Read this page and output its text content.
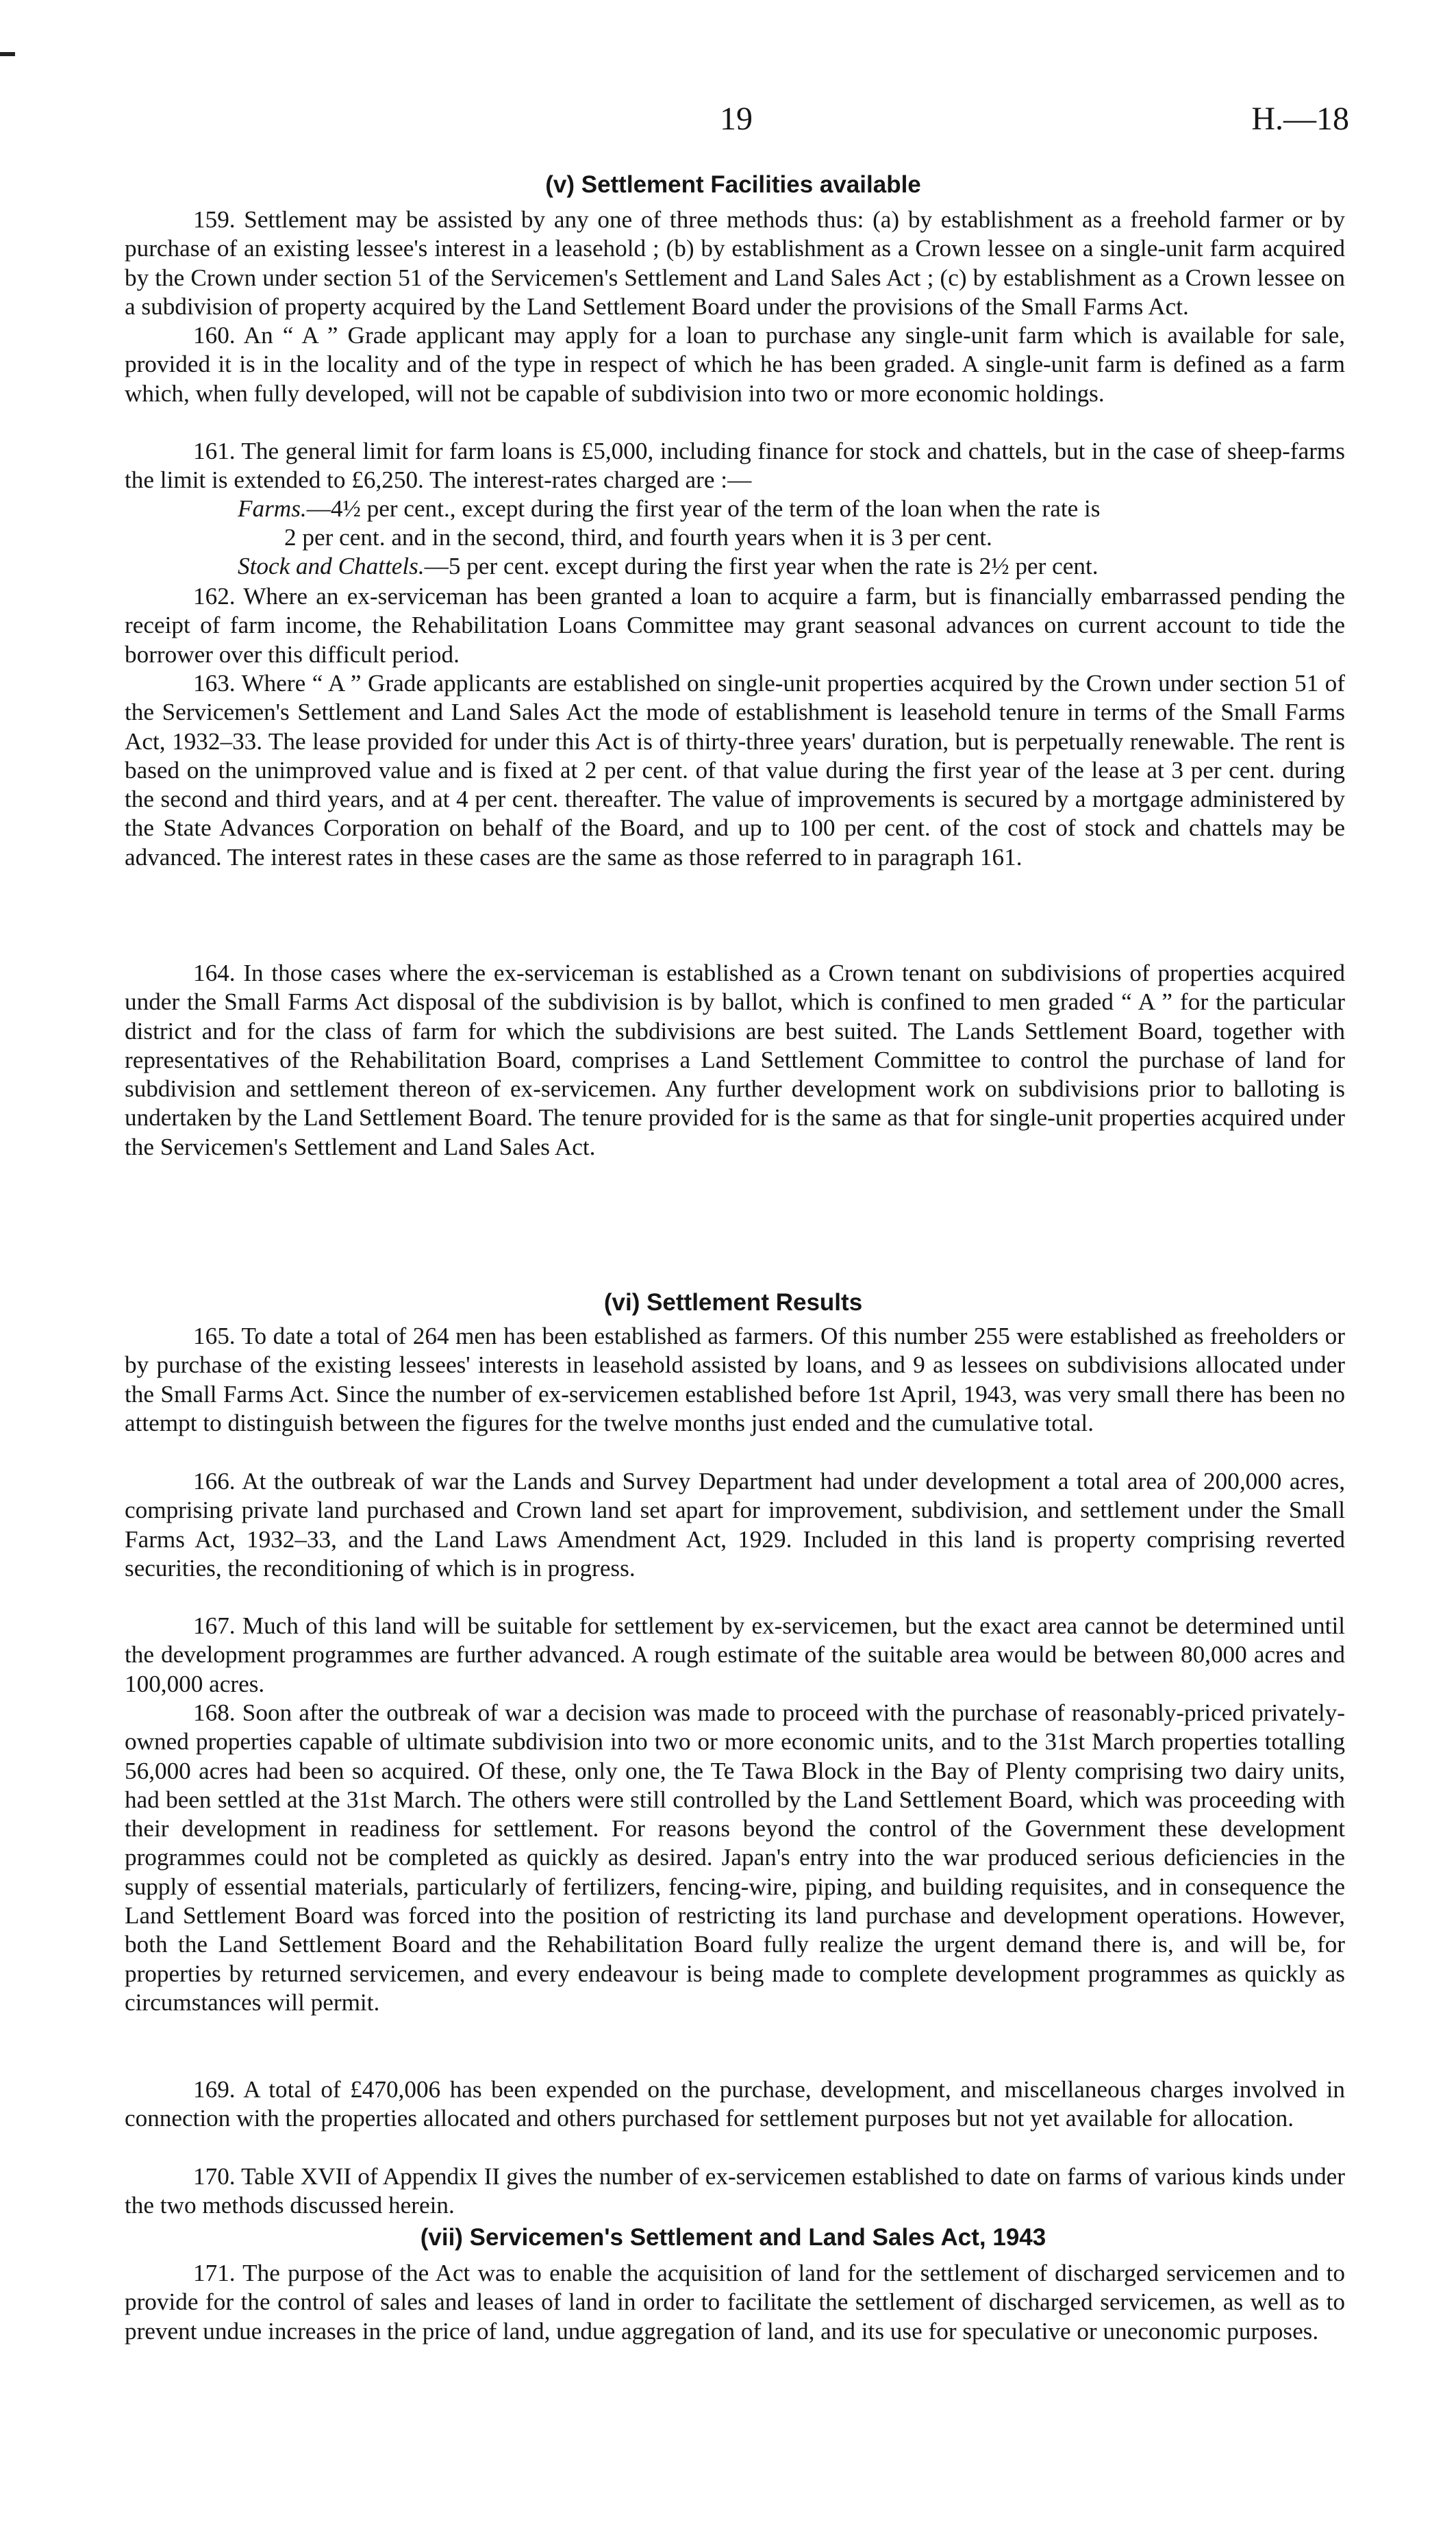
19	H.—18
(v) Settlement Facilities available

159. Settlement may be assisted by any one of three methods thus: (a) by establishment as a freehold farmer or by purchase of an existing lessee's interest in a leasehold ; (b) by establishment as a Crown lessee on a single-unit farm acquired by the Crown under section 51 of the Servicemen's Settlement and Land Sales Act ; (c) by establishment as a Crown lessee on a subdivision of property acquired by the Land Settlement Board under the provisions of the Small Farms Act.

160. An “ A ” Grade applicant may apply for a loan to purchase any single-unit farm which is available for sale, provided it is in the locality and of the type in respect of which he has been graded. A single-unit farm is defined as a farm which, when fully developed, will not be capable of subdivision into two or more economic holdings.

161. The general limit for farm loans is £5,000, including finance for stock and chattels, but in the case of sheep-farms the limit is extended to £6,250. The interest-rates charged are :—

Farms.—4½ per cent., except during the first year of the term of the loan when the rate is
2 per cent. and in the second, third, and fourth years when it is 3 per cent.
Stock and Chattels.—5 per cent. except during the first year when the rate is 2½ per cent.

162. Where an ex-serviceman has been granted a loan to acquire a farm, but is financially embarrassed pending the receipt of farm income, the Rehabilitation Loans Committee may grant seasonal advances on current account to tide the borrower over this difficult period.

163. Where “ A ” Grade applicants are established on single-unit properties acquired by the Crown under section 51 of the Servicemen's Settlement and Land Sales Act the mode of establishment is leasehold tenure in terms of the Small Farms Act, 1932–33. The lease provided for under this Act is of thirty-three years' duration, but is perpetually renewable. The rent is based on the unimproved value and is fixed at 2 per cent. of that value during the first year of the lease at 3 per cent. during the second and third years, and at 4 per cent. thereafter. The value of improvements is secured by a mortgage administered by the State Advances Corporation on behalf of the Board, and up to 100 per cent. of the cost of stock and chattels may be advanced. The interest rates in these cases are the same as those referred to in paragraph 161.

164. In those cases where the ex-serviceman is established as a Crown tenant on subdivisions of properties acquired under the Small Farms Act disposal of the subdivision is by ballot, which is confined to men graded “ A ” for the particular district and for the class of farm for which the subdivisions are best suited. The Lands Settlement Board, together with representatives of the Rehabilitation Board, comprises a Land Settlement Committee to control the purchase of land for subdivision and settlement thereon of ex-servicemen. Any further development work on subdivisions prior to balloting is undertaken by the Land Settlement Board. The tenure provided for is the same as that for single-unit properties acquired under the Servicemen's Settlement and Land Sales Act.

(vi) Settlement Results

165. To date a total of 264 men has been established as farmers. Of this number 255 were established as freeholders or by purchase of the existing lessees' interests in leasehold assisted by loans, and 9 as lessees on subdivisions allocated under the Small Farms Act. Since the number of ex-servicemen established before 1st April, 1943, was very small there has been no attempt to distinguish between the figures for the twelve months just ended and the cumulative total.

166. At the outbreak of war the Lands and Survey Department had under development a total area of 200,000 acres, comprising private land purchased and Crown land set apart for improvement, subdivision, and settlement under the Small Farms Act, 1932–33, and the Land Laws Amendment Act, 1929. Included in this land is property comprising reverted securities, the reconditioning of which is in progress.

167. Much of this land will be suitable for settlement by ex-servicemen, but the exact area cannot be determined until the development programmes are further advanced. A rough estimate of the suitable area would be between 80,000 acres and 100,000 acres.

168. Soon after the outbreak of war a decision was made to proceed with the purchase of reasonably-priced privately-owned properties capable of ultimate subdivision into two or more economic units, and to the 31st March properties totalling 56,000 acres had been so acquired. Of these, only one, the Te Tawa Block in the Bay of Plenty comprising two dairy units, had been settled at the 31st March. The others were still controlled by the Land Settlement Board, which was proceeding with their development in readiness for settlement. For reasons beyond the control of the Government these development programmes could not be completed as quickly as desired. Japan's entry into the war produced serious deficiencies in the supply of essential materials, particularly of fertilizers, fencing-wire, piping, and building requisites, and in consequence the Land Settlement Board was forced into the position of restricting its land purchase and development operations. However, both the Land Settlement Board and the Rehabilitation Board fully realize the urgent demand there is, and will be, for properties by returned servicemen, and every endeavour is being made to complete development programmes as quickly as circumstances will permit.

169. A total of £470,006 has been expended on the purchase, development, and miscellaneous charges involved in connection with the properties allocated and others purchased for settlement purposes but not yet available for allocation.

170. Table XVII of Appendix II gives the number of ex-servicemen established to date on farms of various kinds under the two methods discussed herein.

(vii) Servicemen's Settlement and Land Sales Act, 1943

171. The purpose of the Act was to enable the acquisition of land for the settlement of discharged servicemen and to provide for the control of sales and leases of land in order to facilitate the settlement of discharged servicemen, as well as to prevent undue increases in the price of land, undue aggregation of land, and its use for speculative or uneconomic purposes.
